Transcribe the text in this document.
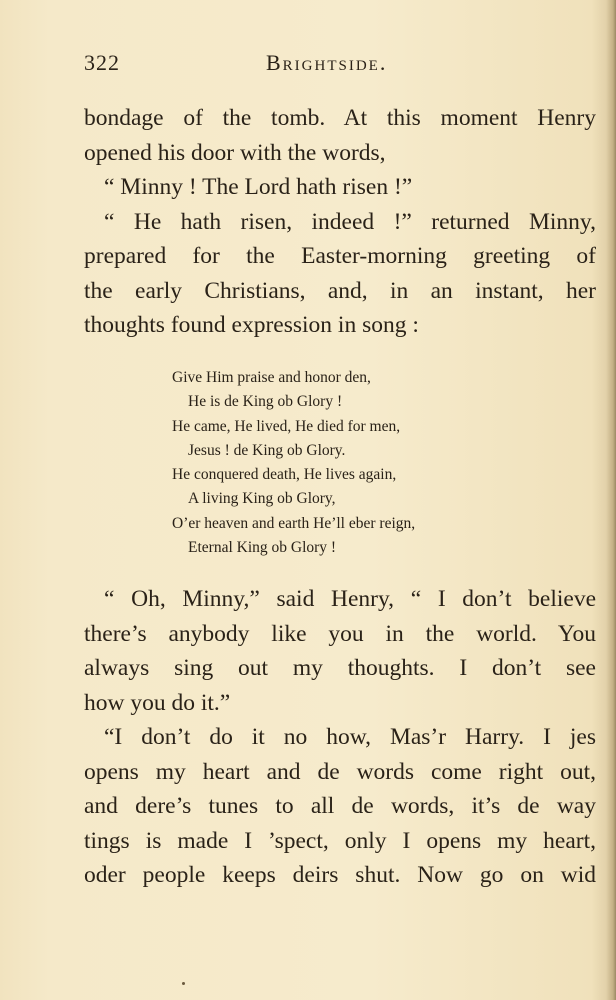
322	Brightside.
bondage of the tomb. At this moment Henry
opened his door with the words,
“ Minny ! The Lord hath risen !”
“ He hath risen, indeed !” returned Minny,
prepared for the Easter-morning greeting of
the early Christians, and, in an instant, her
thoughts found expression in song :
Give Him praise and honor den,
He is de King ob Glory !
He came, He lived, He died for men,
Jesus ! de King ob Glory.
He conquered death, He lives again,
A living King ob Glory,
O’er heaven and earth He’ll eber reign,
Eternal King ob Glory !
“ Oh, Minny,” said Henry, “ I don’t believe
there’s anybody like you in the world. You
always sing out my thoughts. I don’t see
how you do it.”
“I don’t do it no how, Mas’r Harry. I jes
opens my heart and de words come right out,
and dere’s tunes to all de words, it’s de way
tings is made I ’spect, only I opens my heart,
oder people keeps deirs shut. Now go on wid
